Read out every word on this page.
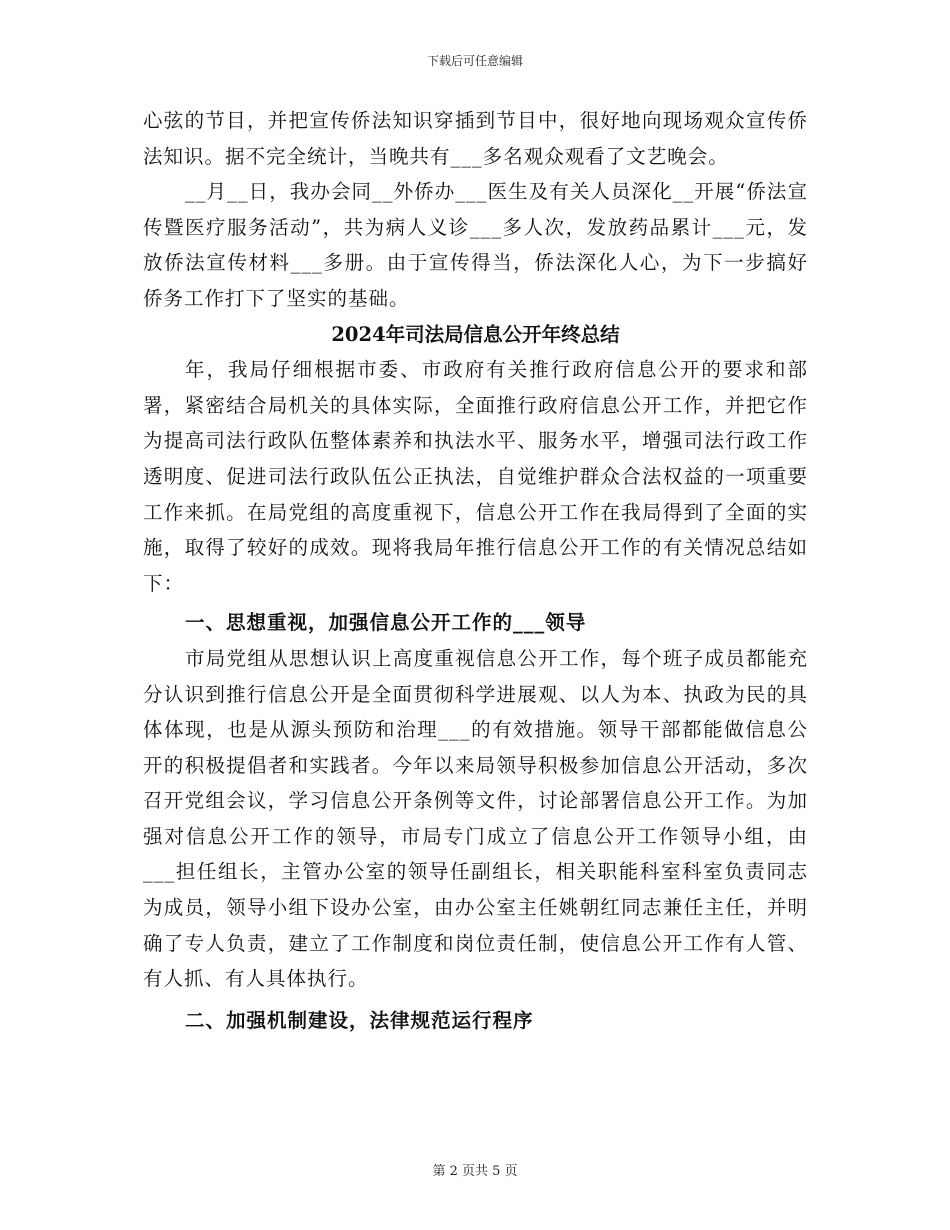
下载后可任意编辑

心弦的节目，并把宣传侨法知识穿插到节目中，很好地向现场观众宣传侨法知识。据不完全统计，当晚共有___多名观众观看了文艺晚会。

__月__日，我办会同__外侨办___医生及有关人员深化__开展“侨法宣传暨医疗服务活动”，共为病人义诊___多人次，发放药品累计___元，发放侨法宣传材料___多册。由于宣传得当，侨法深化人心，为下一步搞好侨务工作打下了坚实的基础。

2024年司法局信息公开年终总结

年，我局仔细根据市委、市政府有关推行政府信息公开的要求和部署，紧密结合局机关的具体实际，全面推行政府信息公开工作，并把它作为提高司法行政队伍整体素养和执法水平、服务水平，增强司法行政工作透明度、促进司法行政队伍公正执法，自觉维护群众合法权益的一项重要工作来抓。在局党组的高度重视下，信息公开工作在我局得到了全面的实施，取得了较好的成效。现将我局年推行信息公开工作的有关情况总结如下：

一、思想重视，加强信息公开工作的___领导

市局党组从思想认识上高度重视信息公开工作，每个班子成员都能充分认识到推行信息公开是全面贯彻科学进展观、以人为本、执政为民的具体体现，也是从源头预防和治理___的有效措施。领导干部都能做信息公开的积极提倡者和实践者。今年以来局领导积极参加信息公开活动，多次召开党组会议，学习信息公开条例等文件，讨论部署信息公开工作。为加强对信息公开工作的领导，市局专门成立了信息公开工作领导小组，由___担任组长，主管办公室的领导任副组长，相关职能科室科室负责同志为成员，领导小组下设办公室，由办公室主任姚朝红同志兼任主任，并明确了专人负责，建立了工作制度和岗位责任制，使信息公开工作有人管、有人抓、有人具体执行。

二、加强机制建设，法律规范运行程序

第 2 页共 5 页
